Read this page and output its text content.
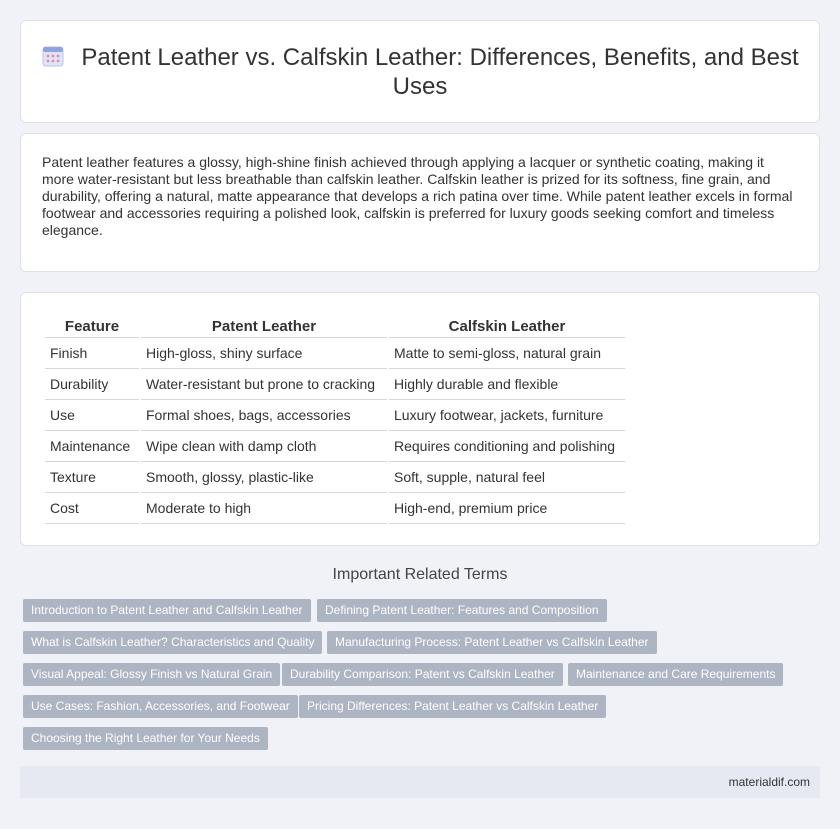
Patent Leather vs. Calfskin Leather: Differences, Benefits, and Best Uses
Patent leather features a glossy, high-shine finish achieved through applying a lacquer or synthetic coating, making it more water-resistant but less breathable than calfskin leather. Calfskin leather is prized for its softness, fine grain, and durability, offering a natural, matte appearance that develops a rich patina over time. While patent leather excels in formal footwear and accessories requiring a polished look, calfskin is preferred for luxury goods seeking comfort and timeless elegance.
Feature	Patent Leather	Calfskin Leather
Finish	High-gloss, shiny surface	Matte to semi-gloss, natural grain
Durability	Water-resistant but prone to cracking	Highly durable and flexible
Use	Formal shoes, bags, accessories	Luxury footwear, jackets, furniture
Maintenance	Wipe clean with damp cloth	Requires conditioning and polishing
Texture	Smooth, glossy, plastic-like	Soft, supple, natural feel
Cost	Moderate to high	High-end, premium price
Important Related Terms
Introduction to Patent Leather and Calfskin Leather	Defining Patent Leather: Features and Composition
What is Calfskin Leather? Characteristics and Quality	Manufacturing Process: Patent Leather vs Calfskin Leather
Visual Appeal: Glossy Finish vs Natural Grain	Durability Comparison: Patent vs Calfskin Leather	Maintenance and Care Requirements
Use Cases: Fashion, Accessories, and Footwear	Pricing Differences: Patent Leather vs Calfskin Leather
Choosing the Right Leather for Your Needs
materialdif.com
